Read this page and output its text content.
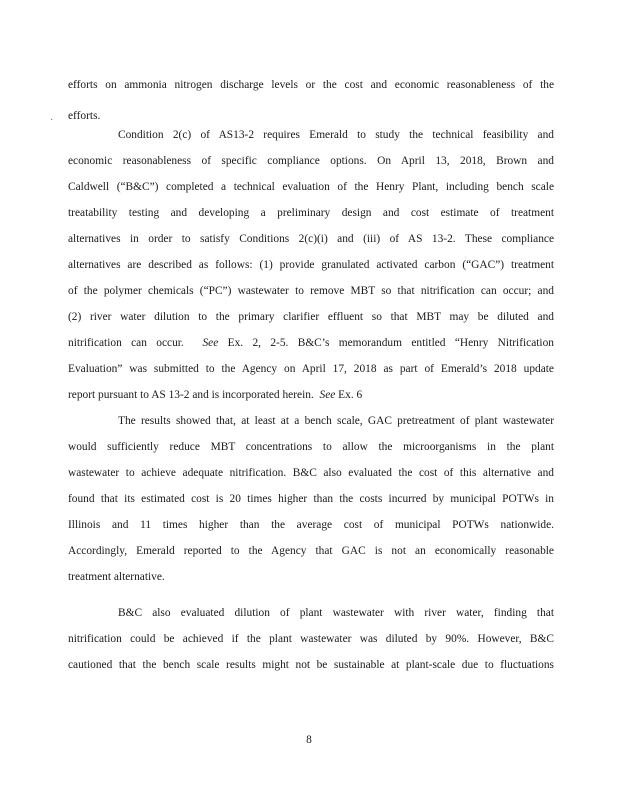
˙
efforts on ammonia nitrogen discharge levels or the cost and economic reasonableness of the
efforts.
Condition 2(c) of AS13-2 requires Emerald to study the technical feasibility and
economic reasonableness of specific compliance options. On April 13, 2018, Brown and
Caldwell (“B&C”) completed a technical evaluation of the Henry Plant, including bench scale
treatability testing and developing a preliminary design and cost estimate of treatment
alternatives in order to satisfy Conditions 2(c)(i) and (iii) of AS 13-2. These compliance
alternatives are described as follows: (1) provide granulated activated carbon (“GAC”) treatment
of the polymer chemicals (“PC”) wastewater to remove MBT so that nitrification can occur; and
(2) river water dilution to the primary clarifier effluent so that MBT may be diluted and
nitrification can occur. See Ex. 2, 2-5. B&C’s memorandum entitled “Henry Nitrification
Evaluation” was submitted to the Agency on April 17, 2018 as part of Emerald’s 2018 update
report pursuant to AS 13-2 and is incorporated herein. See Ex. 6
The results showed that, at least at a bench scale, GAC pretreatment of plant wastewater
would sufficiently reduce MBT concentrations to allow the microorganisms in the plant
wastewater to achieve adequate nitrification. B&C also evaluated the cost of this alternative and
found that its estimated cost is 20 times higher than the costs incurred by municipal POTWs in
Illinois and 11 times higher than the average cost of municipal POTWs nationwide.
Accordingly, Emerald reported to the Agency that GAC is not an economically reasonable
treatment alternative.
B&C also evaluated dilution of plant wastewater with river water, finding that
nitrification could be achieved if the plant wastewater was diluted by 90%. However, B&C
cautioned that the bench scale results might not be sustainable at plant-scale due to fluctuations
8
